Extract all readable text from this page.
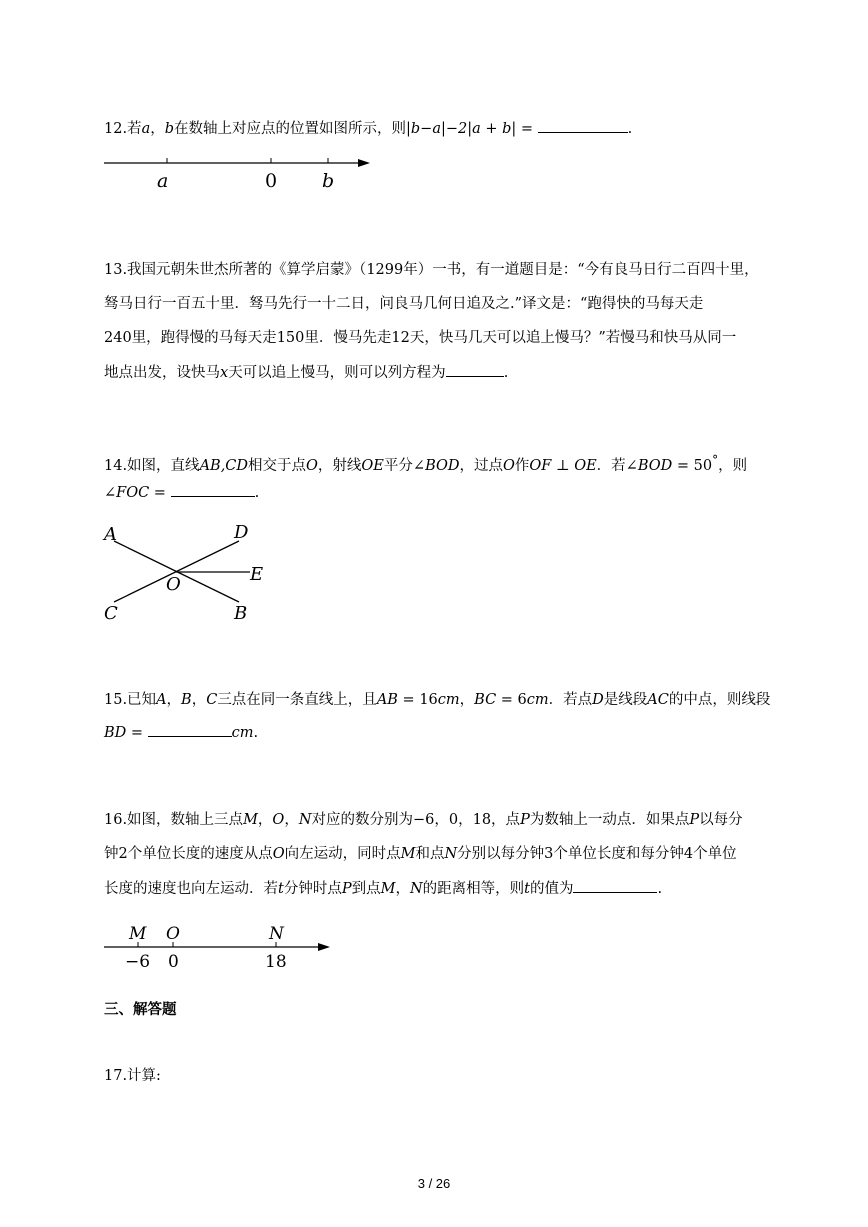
12.若a，b在数轴上对应点的位置如图所示，则|b−a|−2|a + b| =	.
a	0 b
13.我国元朝朱世杰所著的《算学启蒙》（1299年）一书，有一道题目是：“今有良马日行二百四十里，
驽马日行一百五十里．驽马先行一十二日，问良马几何日追及之.”译文是：“跑得快的马每天走
240里，跑得慢的马每天走150里．慢马先走12天，快马几天可以追上慢马？”若慢马和快马从同一
地点出发，设快马x天可以追上慢马，则可以列方程为	.
14.如图，直线AB,CD相交于点O，射线OE平分∠BOD，过点O作OF ⊥ OE．若∠BOD = 50°，则
∠FOC =	.
A	D
E
O
C	B
15.已知A，B，C三点在同一条直线上，且AB = 16cm，BC = 6cm．若点D是线段AC的中点，则线段
BD =	cm.
16.如图，数轴上三点M，O，N对应的数分别为−6，0，18，点P为数轴上一动点．如果点P以每分
钟2个单位长度的速度从点O向左运动，同时点M和点N分别以每分钟3个单位长度和每分钟4个单位
长度的速度也向左运动．若t分钟时点P到点M，N的距离相等，则t的值为	.
M O	N
−6 0	18
三、解答题
17.计算:
3 / 26
